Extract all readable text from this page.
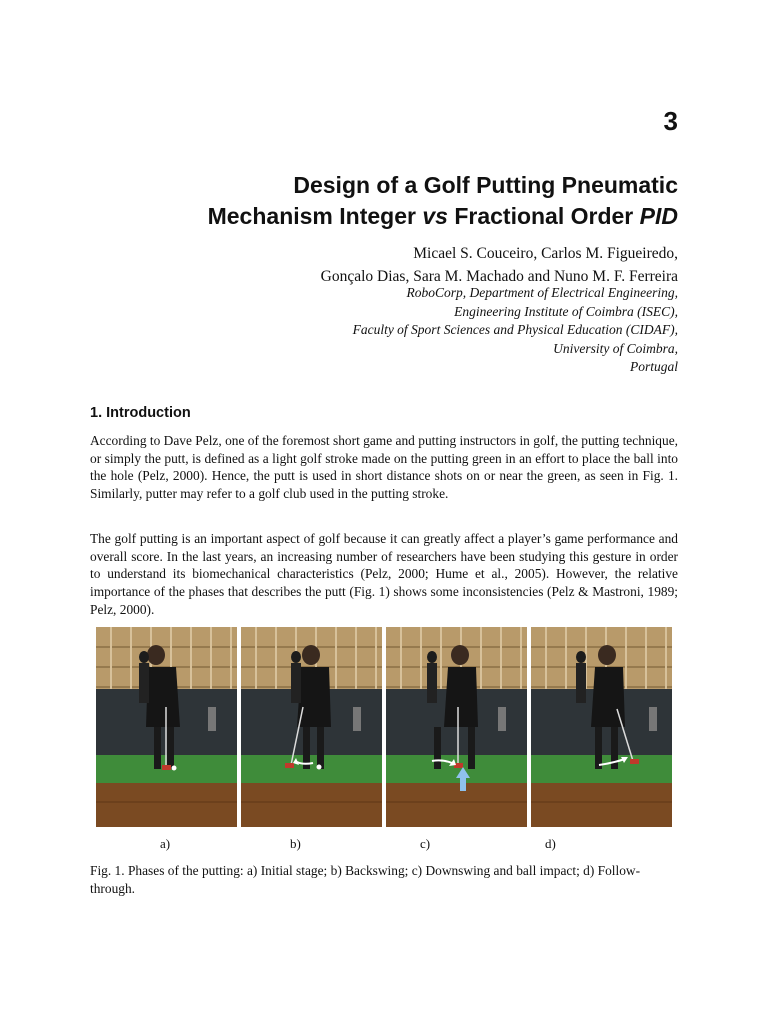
3
Design of a Golf Putting Pneumatic
Mechanism Integer vs Fractional Order PID
Micael S. Couceiro, Carlos M. Figueiredo,
Gonçalo Dias, Sara M. Machado and Nuno M. F. Ferreira
RoboCorp, Department of Electrical Engineering,
Engineering Institute of Coimbra (ISEC),
Faculty of Sport Sciences and Physical Education (CIDAF),
University of Coimbra,
Portugal
1. Introduction

According to Dave Pelz, one of the foremost short game and putting instructors in golf, the putting technique, or simply the putt, is defined as a light golf stroke made on the putting green in an effort to place the ball into the hole (Pelz, 2000). Hence, the putt is used in short distance shots on or near the green, as seen in Fig. 1. Similarly, putter may refer to a golf club used in the putting stroke.

The golf putting is an important aspect of golf because it can greatly affect a player’s game performance and overall score. In the last years, an increasing number of researchers have been studying this gesture in order to understand its biomechanical characteristics (Pelz, 2000; Hume et al., 2005). However, the relative importance of the phases that describes the putt (Fig. 1) shows some inconsistencies (Pelz & Mastroni, 1989; Pelz, 2000).

a)	b)	c)	d)

Fig. 1. Phases of the putting: a) Initial stage; b) Backswing; c) Downswing and ball impact; d) Follow-through.
